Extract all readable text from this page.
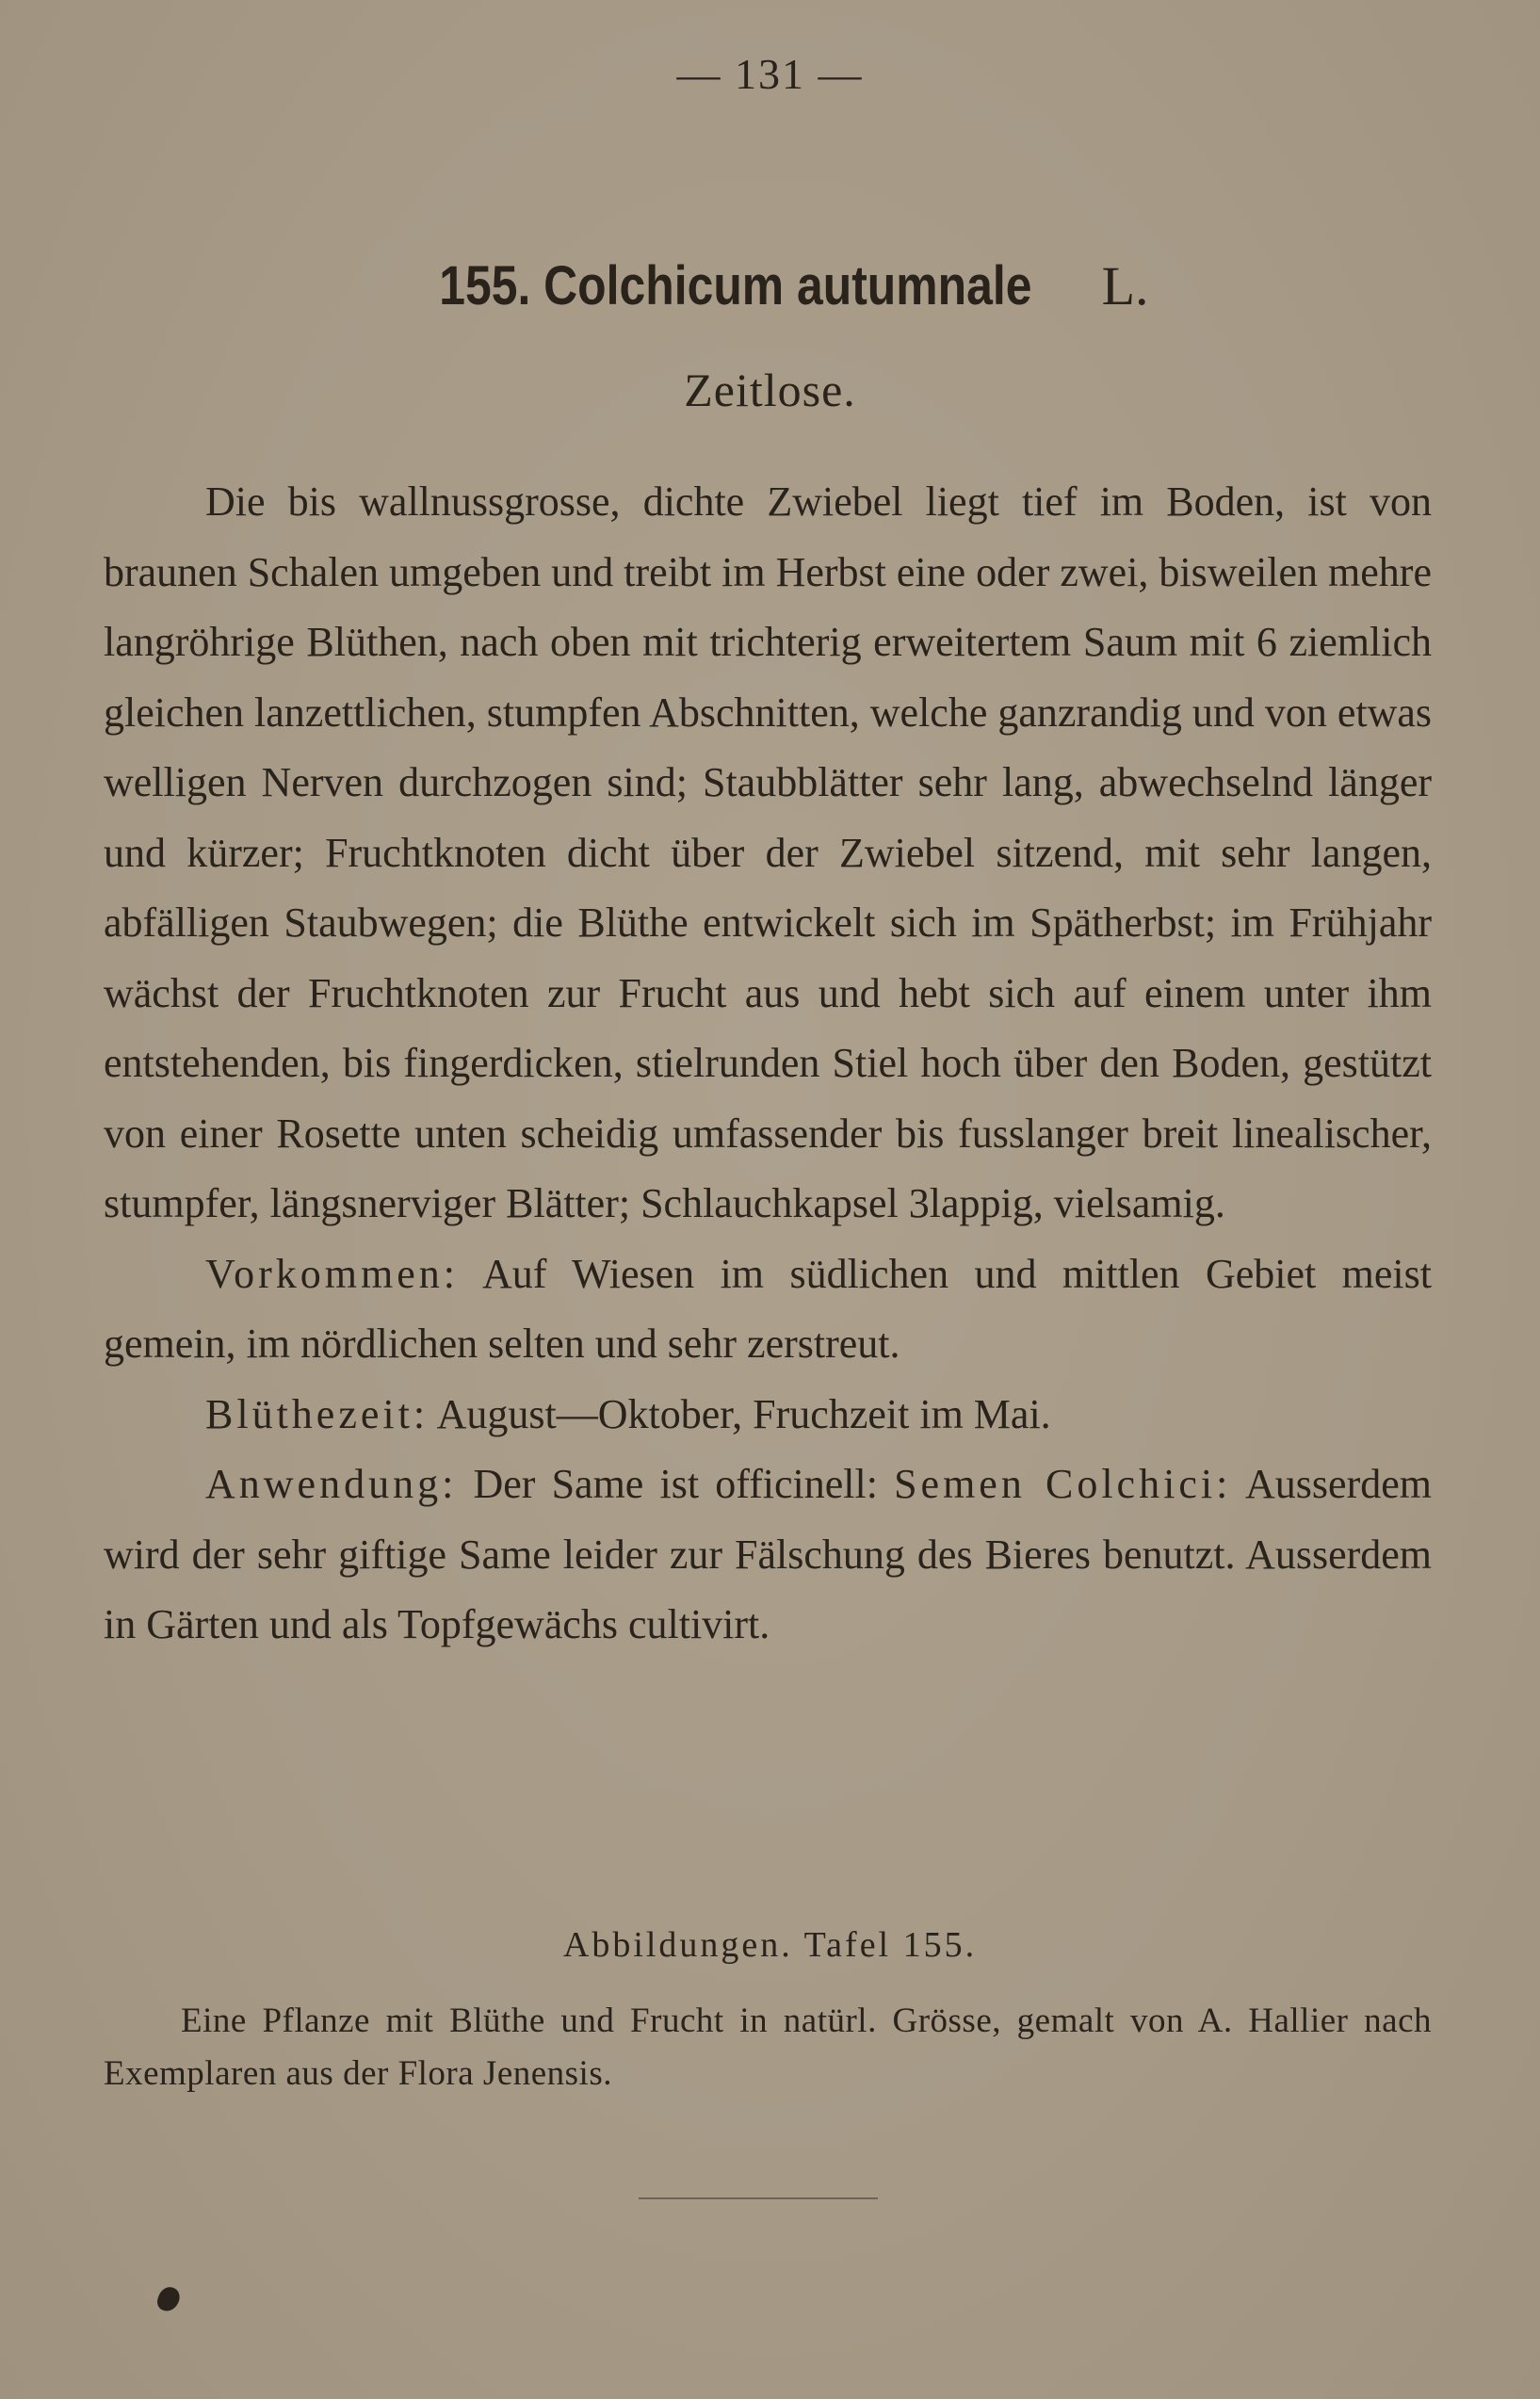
— 131 —
155. Colchicum autumnale L.
Zeitlose.

Die bis wallnussgrosse, dichte Zwiebel liegt tief im Boden, ist von braunen Schalen umgeben und treibt im Herbst eine oder zwei, bisweilen mehre langröhrige Blüthen, nach oben mit trichterig erweitertem Saum mit 6 ziemlich gleichen lanzettlichen, stumpfen Abschnitten, welche ganzrandig und von etwas welligen Nerven durchzogen sind; Staubblätter sehr lang, abwechselnd länger und kürzer; Fruchtknoten dicht über der Zwiebel sitzend, mit sehr langen, abfälligen Staubwegen; die Blüthe entwickelt sich im Spätherbst; im Frühjahr wächst der Fruchtknoten zur Frucht aus und hebt sich auf einem unter ihm entstehenden, bis fingerdicken, stielrunden Stiel hoch über den Boden, gestützt von einer Rosette unten scheidig umfassender bis fusslanger breit linealischer, stumpfer, längsnerviger Blätter; Schlauchkapsel 3lappig, vielsamig.

Vorkommen: Auf Wiesen im südlichen und mittlen Gebiet meist gemein, im nördlichen selten und sehr zerstreut.

Blüthezeit: August—Oktober, Fruchzeit im Mai.

Anwendung: Der Same ist officinell: Semen Colchici: Ausserdem wird der sehr giftige Same leider zur Fälschung des Bieres benutzt. Ausserdem in Gärten und als Topfgewächs cultivirt.

Abbildungen. Tafel 155.

Eine Pflanze mit Blüthe und Frucht in natürl. Grösse, gemalt von A. Hallier nach Exemplaren aus der Flora Jenensis.
